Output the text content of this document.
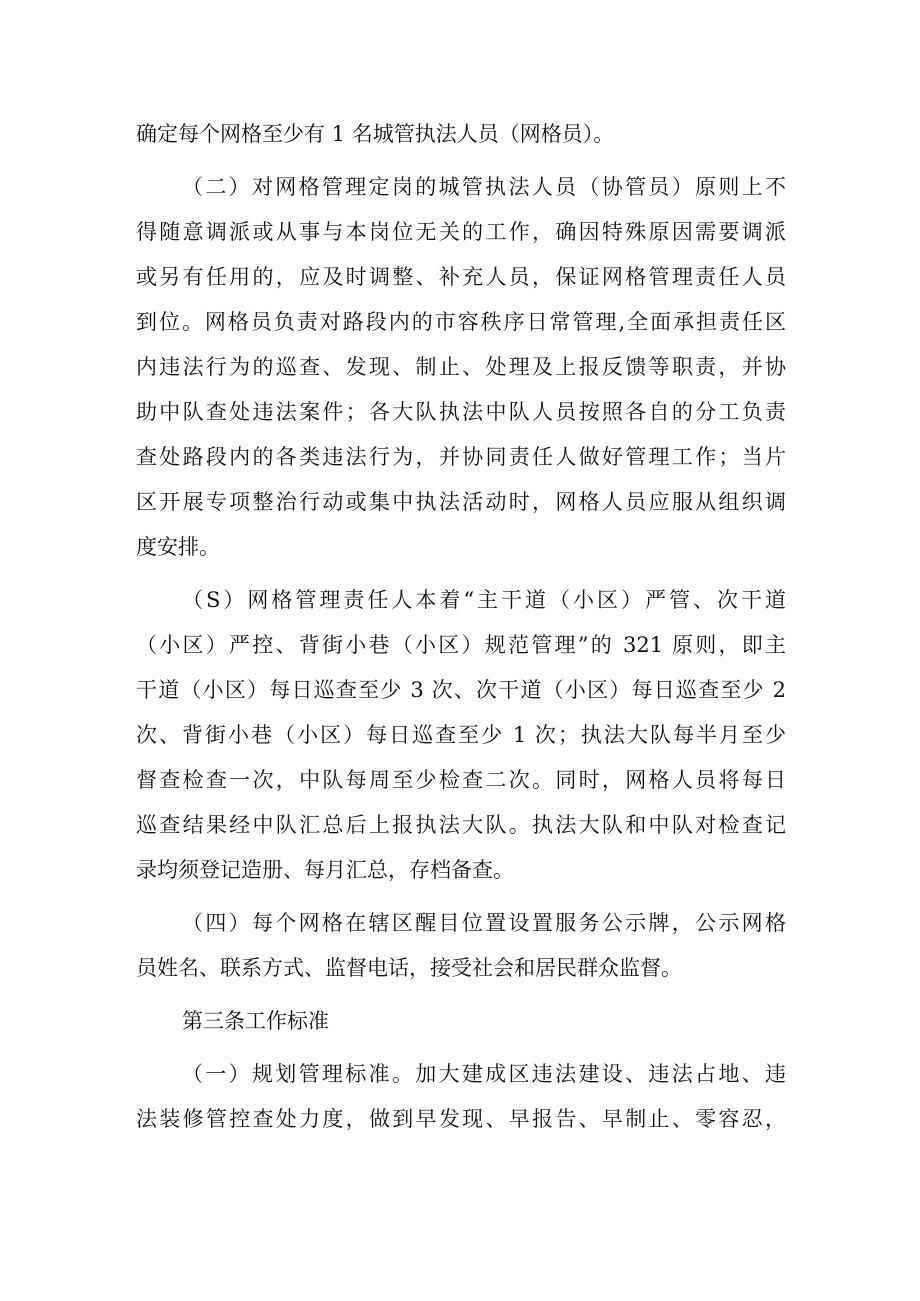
确定每个网格至少有 1 名城管执法人员（网格员）。
（二）对网格管理定岗的城管执法人员（协管员）原则上不
得随意调派或从事与本岗位无关的工作，确因特殊原因需要调派
或另有任用的，应及时调整、补充人员，保证网格管理责任人员
到位。网格员负责对路段内的市容秩序日常管理,全面承担责任区
内违法行为的巡查、发现、制止、处理及上报反馈等职责，并协
助中队查处违法案件；各大队执法中队人员按照各自的分工负责
查处路段内的各类违法行为，并协同责任人做好管理工作；当片
区开展专项整治行动或集中执法活动时，网格人员应服从组织调
度安排。
（S）网格管理责任人本着“主干道（小区）严管、次干道
（小区）严控、背街小巷（小区）规范管理”的 321 原则，即主
干道（小区）每日巡查至少 3 次、次干道（小区）每日巡查至少 2
次、背街小巷（小区）每日巡查至少 1 次；执法大队每半月至少
督查检查一次，中队每周至少检查二次。同时，网格人员将每日
巡查结果经中队汇总后上报执法大队。执法大队和中队对检查记
录均须登记造册、每月汇总，存档备查。
（四）每个网格在辖区醒目位置设置服务公示牌，公示网格
员姓名、联系方式、监督电话，接受社会和居民群众监督。
第三条工作标准
（一）规划管理标准。加大建成区违法建设、违法占地、违
法装修管控查处力度，做到早发现、早报告、早制止、零容忍，
